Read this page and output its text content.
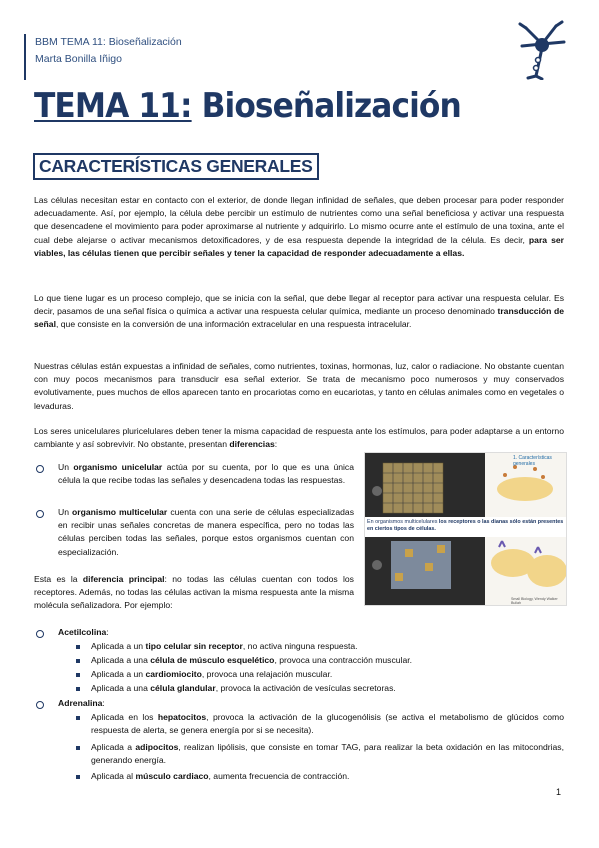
BBM TEMA 11: Bioseñalización
Marta Bonilla Iñigo
TEMA 11: Bioseñalización
CARACTERÍSTICAS GENERALES

Las células necesitan estar en contacto con el exterior, de donde llegan infinidad de señales, que deben procesar para poder responder adecuadamente. Así, por ejemplo, la célula debe percibir un estímulo de nutrientes como una señal beneficiosa y activar una respuesta que desencadene el movimiento para poder aproximarse al nutriente y adquirirlo. Lo mismo ocurre ante el estímulo de una toxina, ante el cual debe alejarse o activar mecanismos detoxificadores, y de esa respuesta depende la integridad de la célula. Es decir, para ser viables, las células tienen que percibir señales y tener la capacidad de responder adecuadamente a ellas.

Lo que tiene lugar es un proceso complejo, que se inicia con la señal, que debe llegar al receptor para activar una respuesta celular. Es decir, pasamos de una señal física o química a activar una respuesta celular química, mediante un proceso denominado transducción de señal, que consiste en la conversión de una información extracelular en una respuesta intracelular.

Nuestras células están expuestas a infinidad de señales, como nutrientes, toxinas, hormonas, luz, calor o radiacione. No obstante cuentan con muy pocos mecanismos para transducir esa señal exterior. Se trata de mecanismo poco numerosos y muy conservados evolutivamente, pues muchos de ellos aparecen tanto en procariotas como en eucariotas, y tanto en células animales como en vegetales o levaduras.

Los seres unicelulares pluricelulares deben tener la misma capacidad de respuesta ante los estímulos, para poder adaptarse a un entorno cambiante y así sobrevivir. No obstante, presentan diferencias:

Un organismo unicelular actúa por su cuenta, por lo que es una única célula la que recibe todas las señales y desencadena todas las respuestas.

Un organismo multicelular cuenta con una serie de células especializadas en recibir unas señales concretas de manera específica, pero no todas las células perciben todas las señales, porque estos organismos cuentan con especialización.

Esta es la diferencia principal: no todas las células cuentan con todos los receptores. Además, no todas las células activan la misma respuesta ante la misma molécula señalizadora. Por ejemplo:

1. Características generales
En organismos multicelulares los receptores o las dianas sólo están presentes en ciertos tipos de células.
Small Biology, Wendy Walker Bullah
Acetilcolina:
Aplicada a un tipo celular sin receptor, no activa ninguna respuesta.
Aplicada a una célula de músculo esquelético, provoca una contracción muscular.
Aplicada a un cardiomiocito, provoca una relajación muscular.
Aplicada a una célula glandular, provoca la activación de vesículas secretoras.
Adrenalina:

Aplicada en los hepatocitos, provoca la activación de la glucogenólisis (se activa el metabolismo de glúcidos como respuesta de alerta, se genera energía por si se necesita).

Aplicada a adipocitos, realizan lipólisis, que consiste en tomar TAG, para realizar la beta oxidación en las mitocondrias, generando energía.

Aplicada al músculo cardiaco, aumenta frecuencia de contracción.

1
